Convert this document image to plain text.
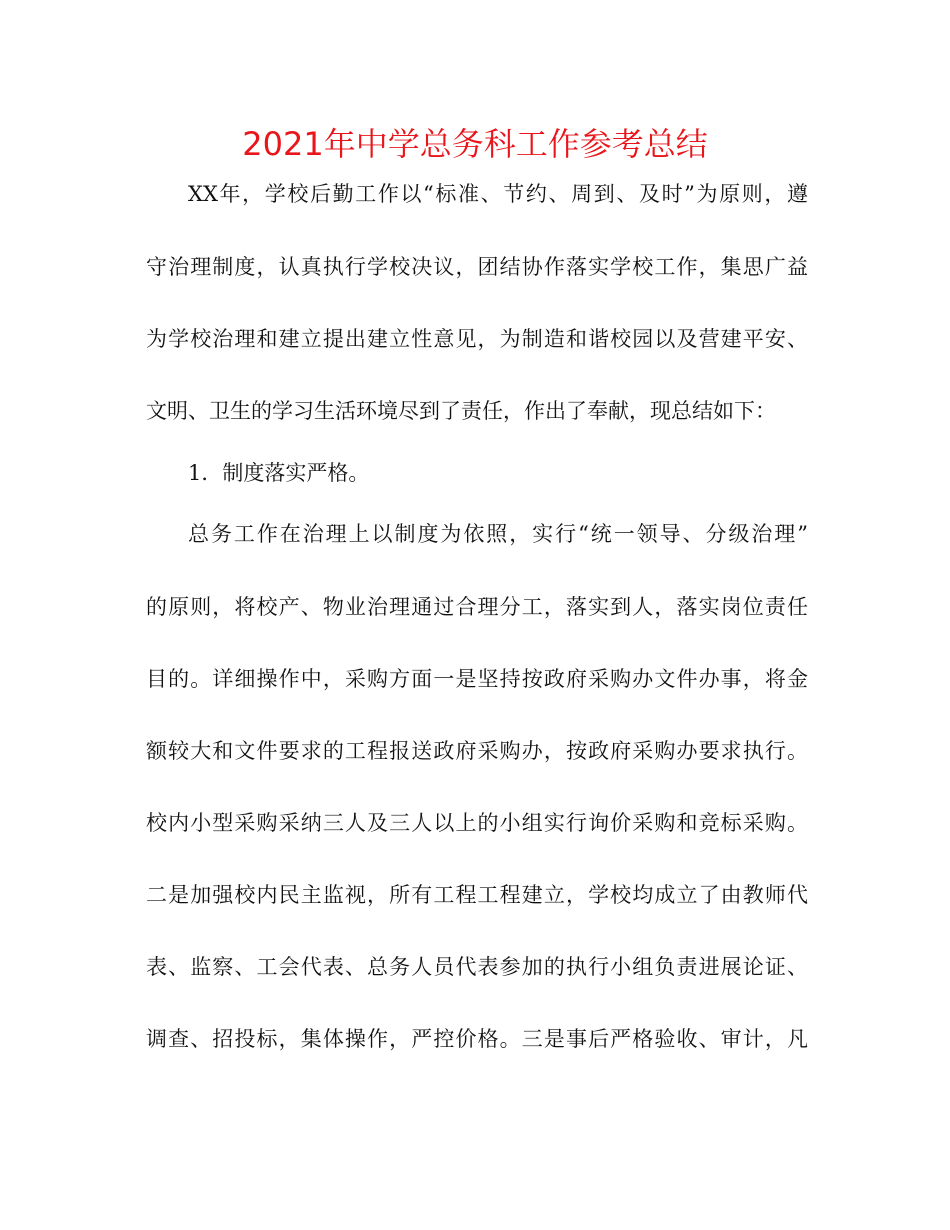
2021年中学总务科工作参考总结
XX年，学校后勤工作以“标准、节约、周到、及时”为原则，遵
守治理制度，认真执行学校决议，团结协作落实学校工作，集思广益
为学校治理和建立提出建立性意见，为制造和谐校园以及营建平安、
文明、卫生的学习生活环境尽到了责任，作出了奉献，现总结如下：
1．制度落实严格。
总务工作在治理上以制度为依照，实行“统一领导、分级治理”
的原则，将校产、物业治理通过合理分工，落实到人，落实岗位责任
目的。详细操作中，采购方面一是坚持按政府采购办文件办事，将金
额较大和文件要求的工程报送政府采购办，按政府采购办要求执行。
校内小型采购采纳三人及三人以上的小组实行询价采购和竞标采购。
二是加强校内民主监视，所有工程工程建立，学校均成立了由教师代
表、监察、工会代表、总务人员代表参加的执行小组负责进展论证、
调查、招投标，集体操作，严控价格。三是事后严格验收、审计，凡
